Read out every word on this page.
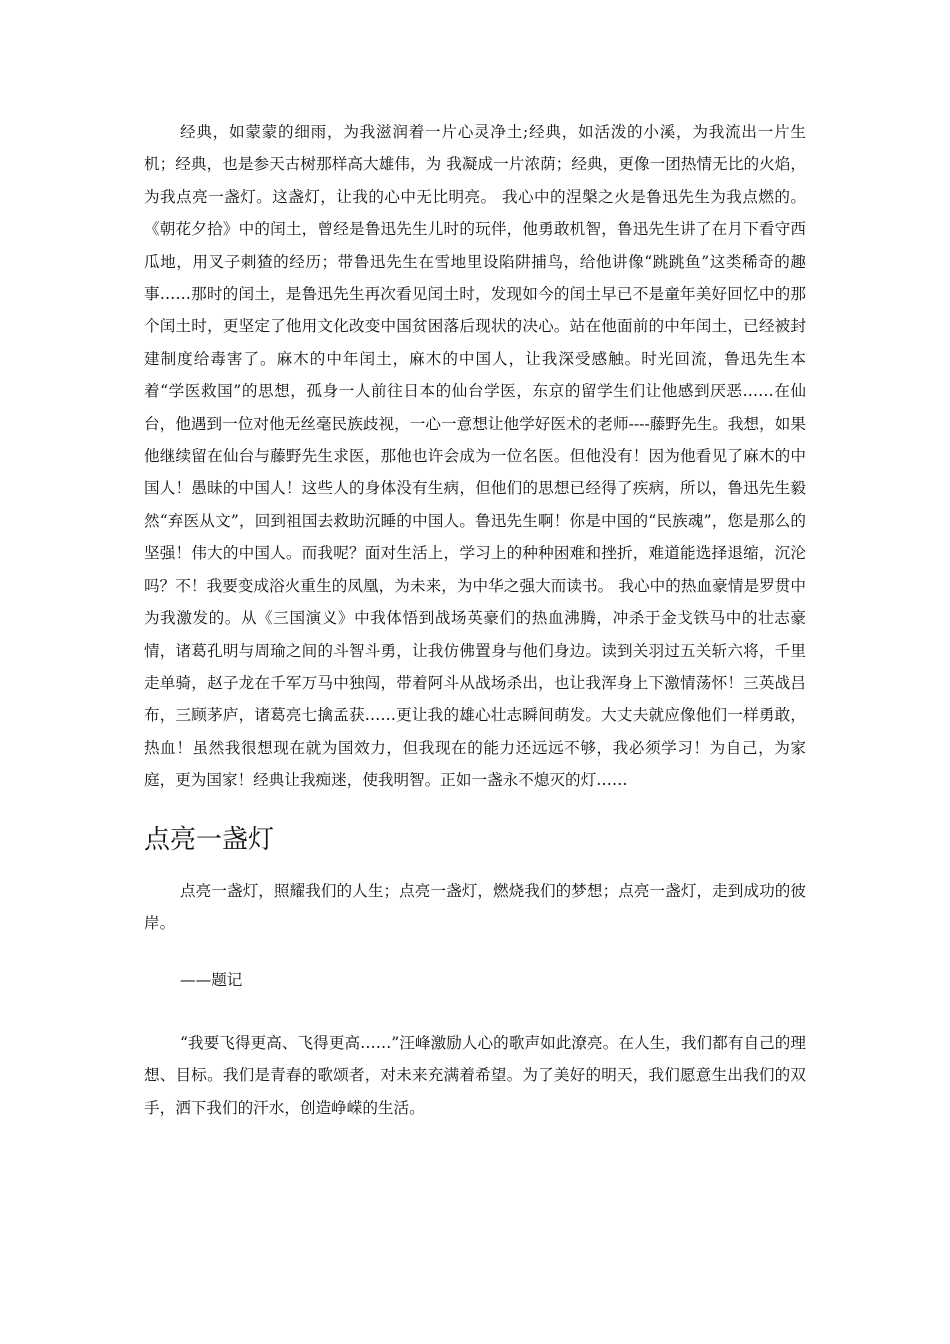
经典，如蒙蒙的细雨，为我滋润着一片心灵净土;经典，如活泼的小溪，为我流出一片生机；经典，也是参天古树那样高大雄伟，为 我凝成一片浓荫；经典，更像一团热情无比的火焰，为我点亮一盏灯。这盏灯，让我的心中无比明亮。 我心中的涅槃之火是鲁迅先生为我点燃的。《朝花夕拾》中的闰土，曾经是鲁迅先生儿时的玩伴，他勇敢机智，鲁迅先生讲了在月下看守西瓜地，用叉子刺猹的经历；带鲁迅先生在雪地里设陷阱捕鸟，给他讲像“跳跳鱼”这类稀奇的趣事……那时的闰土，是鲁迅先生再次看见闰土时，发现如今的闰土早已不是童年美好回忆中的那个闰土时，更坚定了他用文化改变中国贫困落后现状的决心。站在他面前的中年闰土，已经被封建制度给毒害了。麻木的中年闰土，麻木的中国人，让我深受感触。时光回流，鲁迅先生本着“学医救国”的思想，孤身一人前往日本的仙台学医，东京的留学生们让他感到厌恶……在仙台，他遇到一位对他无丝毫民族歧视，一心一意想让他学好医术的老师----藤野先生。我想，如果他继续留在仙台与藤野先生求医，那他也许会成为一位名医。但他没有！因为他看见了麻木的中国人！愚昧的中国人！这些人的身体没有生病，但他们的思想已经得了疾病，所以，鲁迅先生毅然“弃医从文”，回到祖国去救助沉睡的中国人。鲁迅先生啊！你是中国的“民族魂”，您是那么的坚强！伟大的中国人。而我呢？面对生活上，学习上的种种困难和挫折，难道能选择退缩，沉沦吗？不！我要变成浴火重生的凤凰，为未来，为中华之强大而读书。 我心中的热血豪情是罗贯中为我激发的。从《三国演义》中我体悟到战场英豪们的热血沸腾，冲杀于金戈铁马中的壮志豪情，诸葛孔明与周瑜之间的斗智斗勇，让我仿佛置身与他们身边。读到关羽过五关斩六将，千里走单骑，赵子龙在千军万马中独闯，带着阿斗从战场杀出，也让我浑身上下激情荡怀！三英战吕布，三顾茅庐，诸葛亮七擒孟获……更让我的雄心壮志瞬间萌发。大丈夫就应像他们一样勇敢，热血！虽然我很想现在就为国效力，但我现在的能力还远远不够，我必须学习！为自己，为家庭，更为国家！经典让我痴迷，使我明智。正如一盏永不熄灭的灯……

点亮一盏灯

点亮一盏灯，照耀我们的人生；点亮一盏灯，燃烧我们的梦想；点亮一盏灯，走到成功的彼岸。

——题记

“我要飞得更高、飞得更高……”汪峰激励人心的歌声如此潦亮。在人生，我们都有自己的理想、目标。我们是青春的歌颂者，对未来充满着希望。为了美好的明天，我们愿意生出我们的双手，洒下我们的汗水，创造峥嵘的生活。
